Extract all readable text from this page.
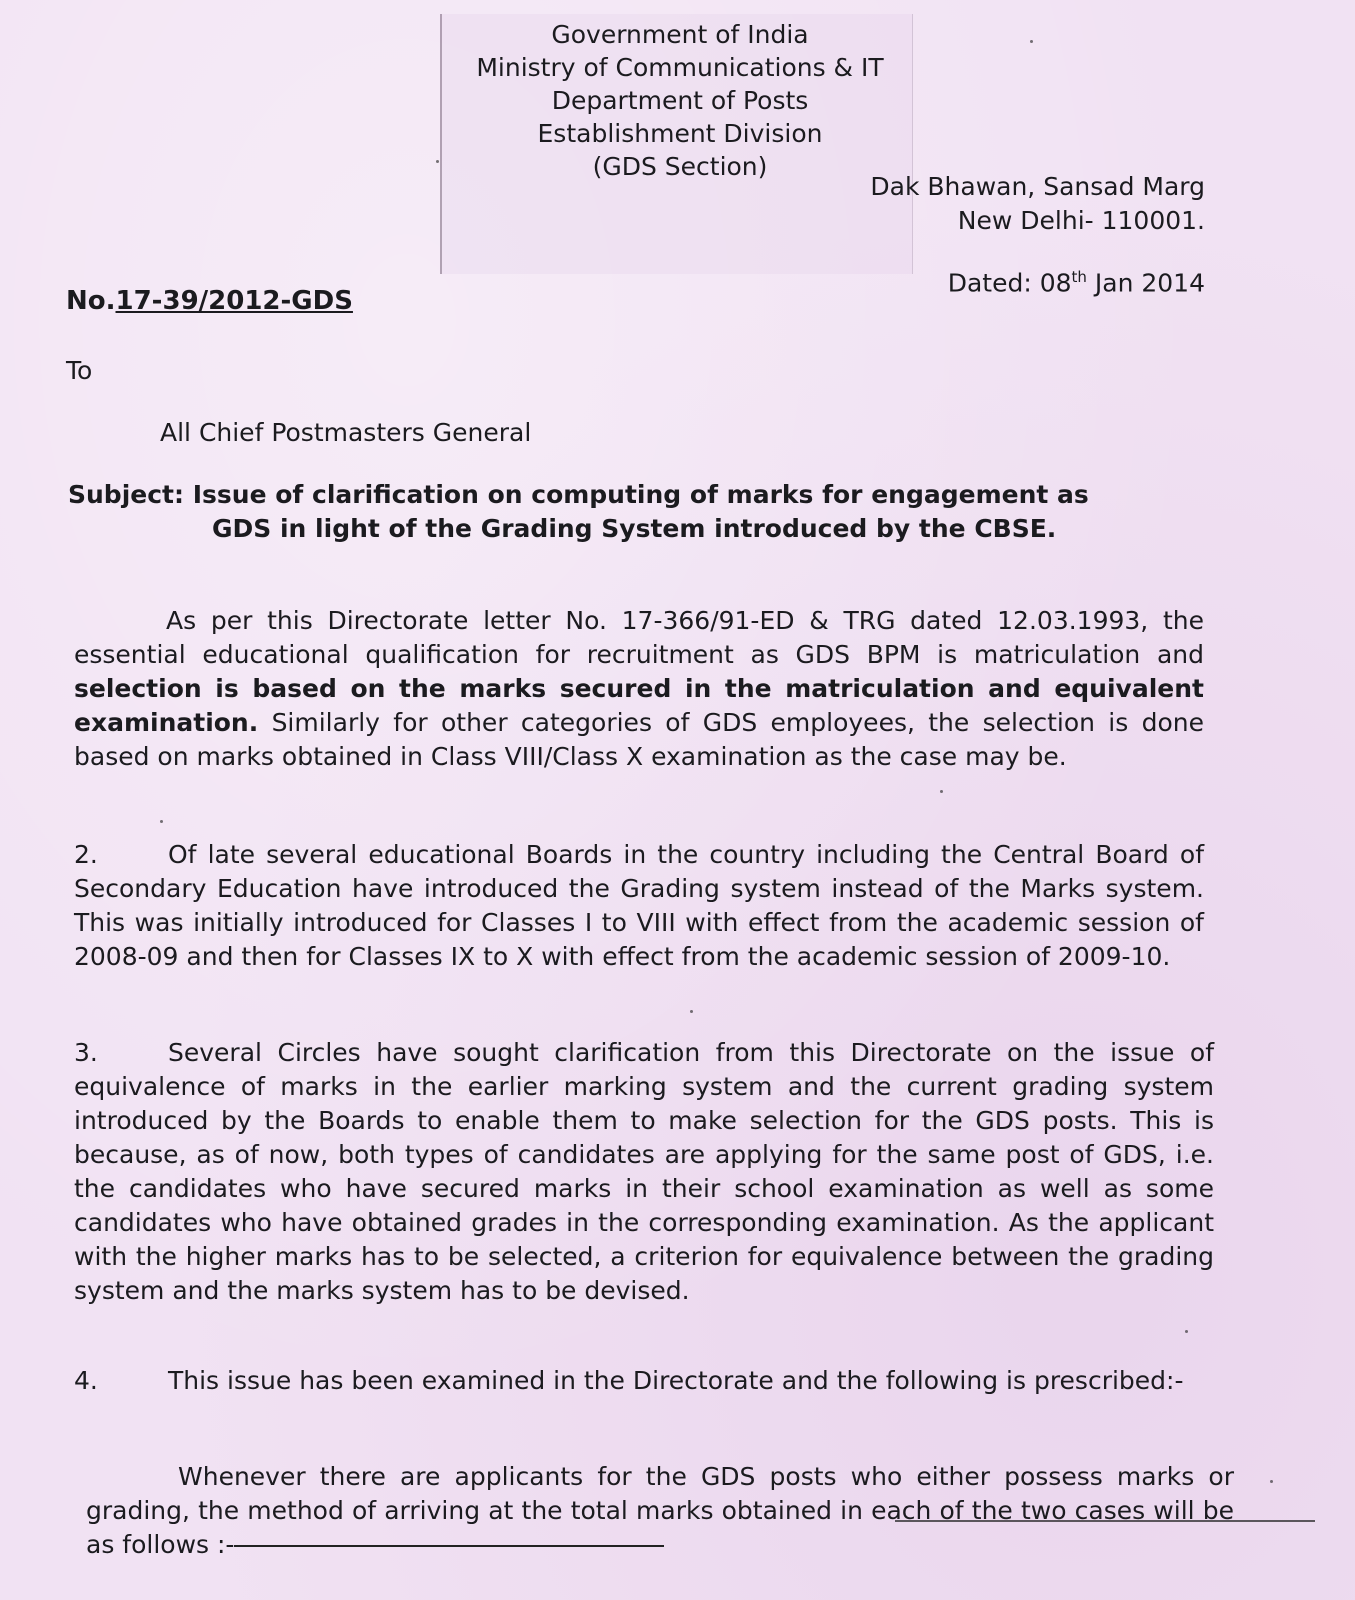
Government of India
Ministry of Communications & IT
Department of Posts
Establishment Division
(GDS Section)
Dak Bhawan, Sansad Marg
New Delhi- 110001.
Dated: 08th Jan 2014
No.17-39/2012-GDS
To
All Chief Postmasters General
Subject: Issue of clarification on computing of marks for engagement as
GDS in light of the Grading System introduced by the CBSE.
As per this Directorate letter No. 17-366/91-ED & TRG dated 12.03.1993, the essential educational qualification for recruitment as GDS BPM is matriculation and selection is based on the marks secured in the matriculation and equivalent examination. Similarly for other categories of GDS employees, the selection is done based on marks obtained in Class VIII/Class X examination as the case may be.
2.	Of late several educational Boards in the country including the Central Board of Secondary Education have introduced the Grading system instead of the Marks system. This was initially introduced for Classes I to VIII with effect from the academic session of 2008-09 and then for Classes IX to X with effect from the academic session of 2009-10.
3.	Several Circles have sought clarification from this Directorate on the issue of equivalence of marks in the earlier marking system and the current grading system introduced by the Boards to enable them to make selection for the GDS posts. This is because, as of now, both types of candidates are applying for the same post of GDS, i.e. the candidates who have secured marks in their school examination as well as some candidates who have obtained grades in the corresponding examination. As the applicant with the higher marks has to be selected, a criterion for equivalence between the grading system and the marks system has to be devised.
4.	This issue has been examined in the Directorate and the following is prescribed:-
Whenever there are applicants for the GDS posts who either possess marks or grading, the method of arriving at the total marks obtained in each of the two cases will be as follows :-
